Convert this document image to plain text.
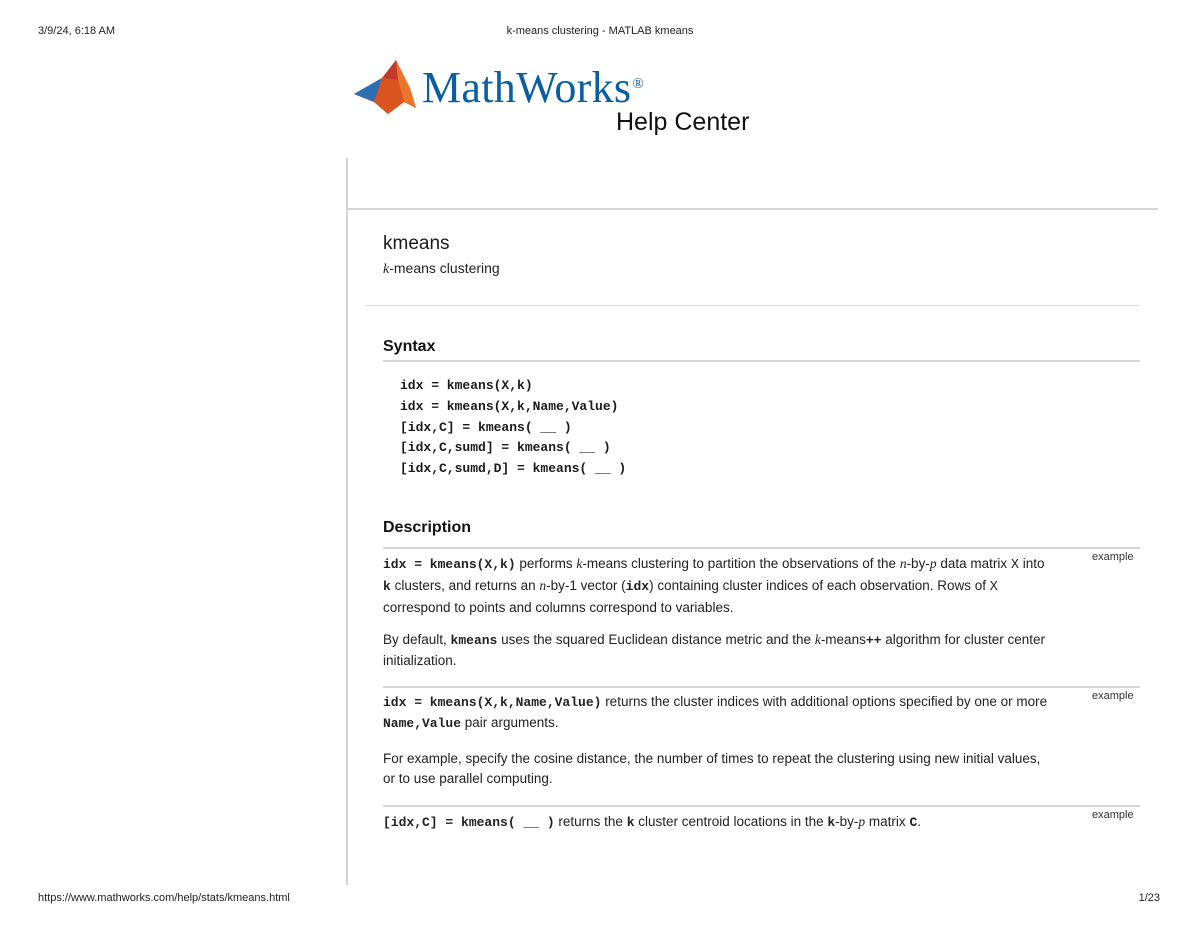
3/9/24, 6:18 AM	k-means clustering - MATLAB kmeans
MathWorks®
Help Center
kmeans
k-means clustering
Syntax
idx = kmeans(X,k)
idx = kmeans(X,k,Name,Value)
[idx,C] = kmeans( __ )
[idx,C,sumd] = kmeans( __ )
[idx,C,sumd,D] = kmeans( __ )
Description
example
idx = kmeans(X,k) performs k-means clustering to partition the observations of the n-by-p data matrix X into k clusters, and returns an n-by-1 vector (idx) containing cluster indices of each observation. Rows of X correspond to points and columns correspond to variables.
By default, kmeans uses the squared Euclidean distance metric and the k-means++ algorithm for cluster center initialization.
example
idx = kmeans(X,k,Name,Value) returns the cluster indices with additional options specified by one or more Name,Value pair arguments.
For example, specify the cosine distance, the number of times to repeat the clustering using new initial values, or to use parallel computing.
example
[idx,C] = kmeans( __ ) returns the k cluster centroid locations in the k-by-p matrix C.
https://www.mathworks.com/help/stats/kmeans.html	1/23
